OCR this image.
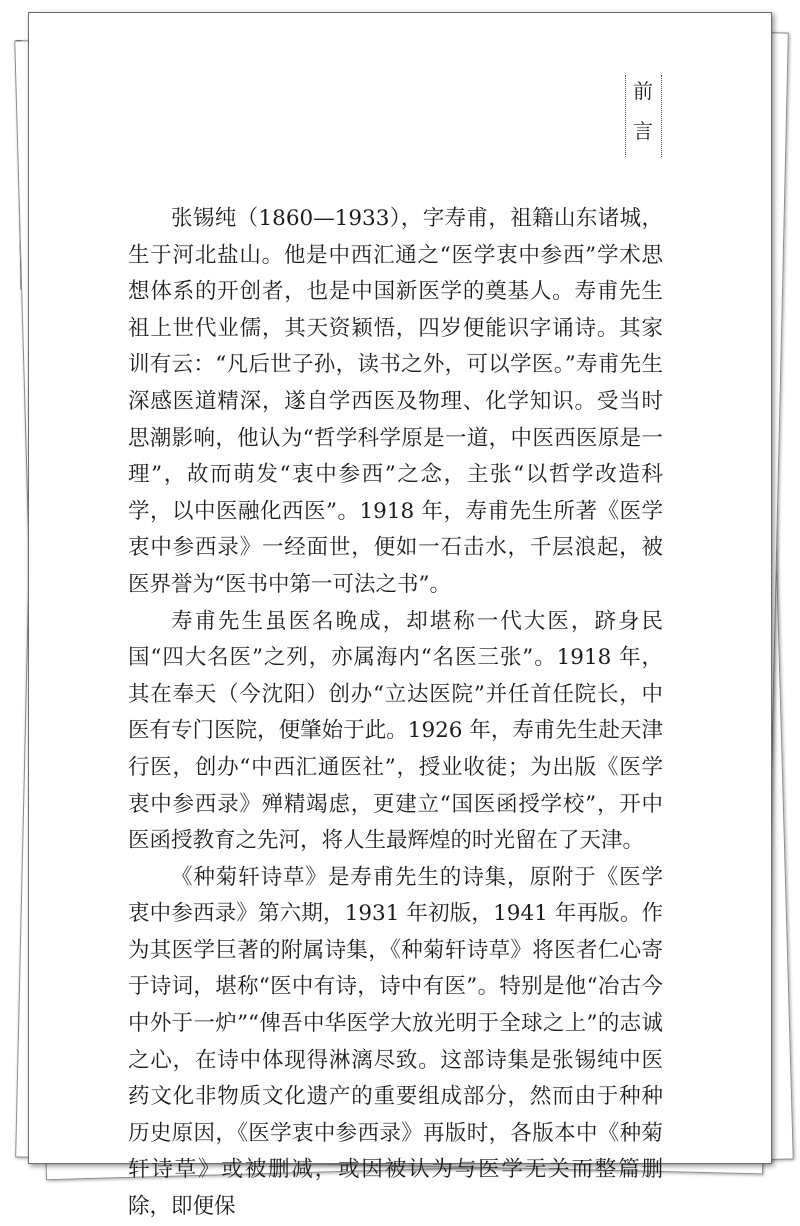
前
言

张锡纯（1860—1933），字寿甫，祖籍山东诸城，生于河北盐山。他是中西汇通之“医学衷中参西”学术思想体系的开创者，也是中国新医学的奠基人。寿甫先生祖上世代业儒，其天资颖悟，四岁便能识字诵诗。其家训有云：“凡后世子孙，读书之外，可以学医。”寿甫先生深感医道精深，遂自学西医及物理、化学知识。受当时思潮影响，他认为“哲学科学原是一道，中医西医原是一理”，故而萌发“衷中参西”之念，主张“以哲学改造科学，以中医融化西医”。1918 年，寿甫先生所著《医学衷中参西录》一经面世，便如一石击水，千层浪起，被医界誉为“医书中第一可法之书”。

寿甫先生虽医名晚成，却堪称一代大医，跻身民国“四大名医”之列，亦属海内“名医三张”。1918 年，其在奉天（今沈阳）创办“立达医院”并任首任院长，中医有专门医院，便肇始于此。1926 年，寿甫先生赴天津行医，创办“中西汇通医社”，授业收徒；为出版《医学衷中参西录》殚精竭虑，更建立“国医函授学校”，开中医函授教育之先河，将人生最辉煌的时光留在了天津。

《种菊轩诗草》是寿甫先生的诗集，原附于《医学衷中参西录》第六期，1931 年初版，1941 年再版。作为其医学巨著的附属诗集，《种菊轩诗草》将医者仁心寄于诗词，堪称“医中有诗，诗中有医”。特别是他“冶古今中外于一炉”“俾吾中华医学大放光明于全球之上”的志诚之心，在诗中体现得淋漓尽致。这部诗集是张锡纯中医药文化非物质文化遗产的重要组成部分，然而由于种种历史原因，《医学衷中参西录》再版时，各版本中《种菊轩诗草》或被删减，或因被认为与医学无关而整篇删除，即便保
